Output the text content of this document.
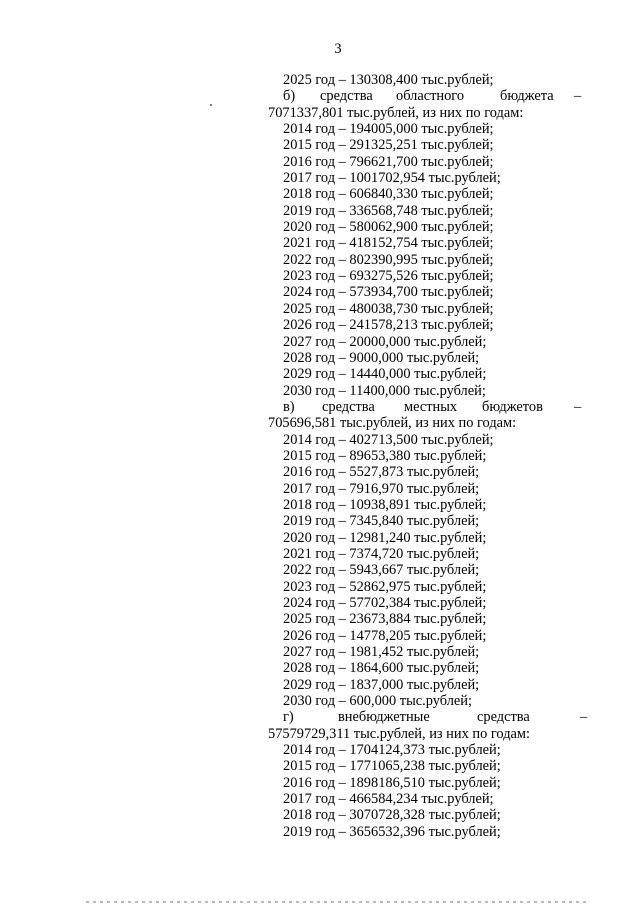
3
2025 год – 130308,400 тыс.рублей;

б)

средства

областного

бюджета

–

7071337,801 тыс.рублей, из них по годам:
2014 год – 194005,000 тыс.рублей;
2015 год – 291325,251 тыс.рублей;
2016 год – 796621,700 тыс.рублей;
2017 год – 1001702,954 тыс.рублей;
2018 год – 606840,330 тыс.рублей;
2019 год – 336568,748 тыс.рублей;
2020 год – 580062,900 тыс.рублей;
2021 год – 418152,754 тыс.рублей;
2022 год – 802390,995 тыс.рублей;
2023 год – 693275,526 тыс.рублей;
2024 год – 573934,700 тыс.рублей;
2025 год – 480038,730 тыс.рублей;
2026 год – 241578,213 тыс.рублей;
2027 год – 20000,000 тыс.рублей;
2028 год – 9000,000 тыс.рублей;
2029 год – 14440,000 тыс.рублей;
2030 год – 11400,000 тыс.рублей;

в)

средства

местных

бюджетов

–

705696,581 тыс.рублей, из них по годам:
2014 год – 402713,500 тыс.рублей;
2015 год – 89653,380 тыс.рублей;
2016 год – 5527,873 тыс.рублей;
2017 год – 7916,970 тыс.рублей;
2018 год – 10938,891 тыс.рублей;
2019 год – 7345,840 тыс.рублей;
2020 год – 12981,240 тыс.рублей;
2021 год – 7374,720 тыс.рублей;
2022 год – 5943,667 тыс.рублей;
2023 год – 52862,975 тыс.рублей;
2024 год – 57702,384 тыс.рублей;
2025 год – 23673,884 тыс.рублей;
2026 год – 14778,205 тыс.рублей;
2027 год – 1981,452 тыс.рублей;
2028 год – 1864,600 тыс.рублей;
2029 год – 1837,000 тыс.рублей;
2030 год – 600,000 тыс.рублей;

г)

	внебюджетные

	средства

	–

57579729,311 тыс.рублей, из них по годам:
2014 год – 1704124,373 тыс.рублей;
2015 год – 1771065,238 тыс.рублей;
2016 год – 1898186,510 тыс.рублей;
2017 год – 466584,234 тыс.рублей;
2018 год – 3070728,328 тыс.рублей;
2019 год – 3656532,396 тыс.рублей;
